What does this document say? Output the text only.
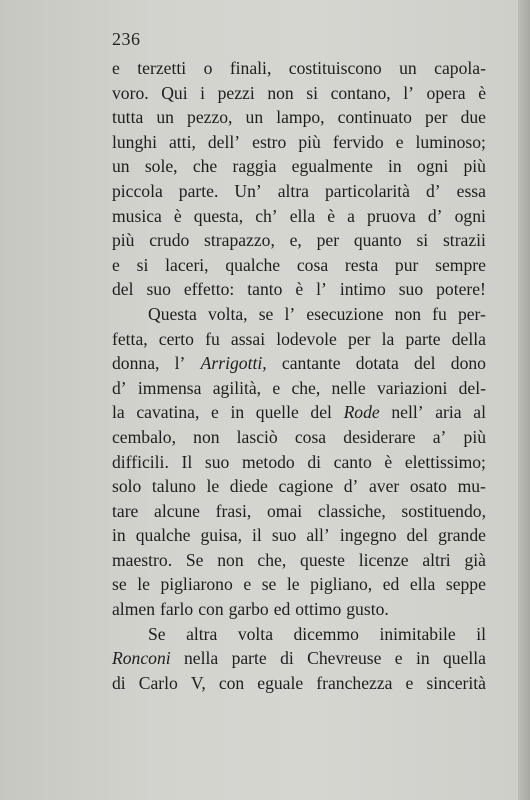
236
e terzetti o finali, costituiscono un capola-
voro. Qui i pezzi non si contano, l’ opera è
tutta un pezzo, un lampo, continuato per due
lunghi atti, dell’ estro più fervido e luminoso;
un sole, che raggia egualmente in ogni più
piccola parte. Un’ altra particolarità d’ essa
musica è questa, ch’ ella è a pruova d’ ogni
più crudo strapazzo, e, per quanto si strazii
e si laceri, qualche cosa resta pur sempre
del suo effetto: tanto è l’ intimo suo potere!
Questa volta, se l’ esecuzione non fu per-
fetta, certo fu assai lodevole per la parte della
donna, l’ Arrigotti, cantante dotata del dono
d’ immensa agilità, e che, nelle variazioni del-
la cavatina, e in quelle del Rode nell’ aria al
cembalo, non lasciò cosa desiderare a’ più
difficili. Il suo metodo di canto è elettissimo;
solo taluno le diede cagione d’ aver osato mu-
tare alcune frasi, omai classiche, sostituendo,
in qualche guisa, il suo all’ ingegno del grande
maestro. Se non che, queste licenze altri già
se le pigliarono e se le pigliano, ed ella seppe
almen farlo con garbo ed ottimo gusto.
Se altra volta dicemmo inimitabile il
Ronconi nella parte di Chevreuse e in quella
di Carlo V, con eguale franchezza e sincerità
